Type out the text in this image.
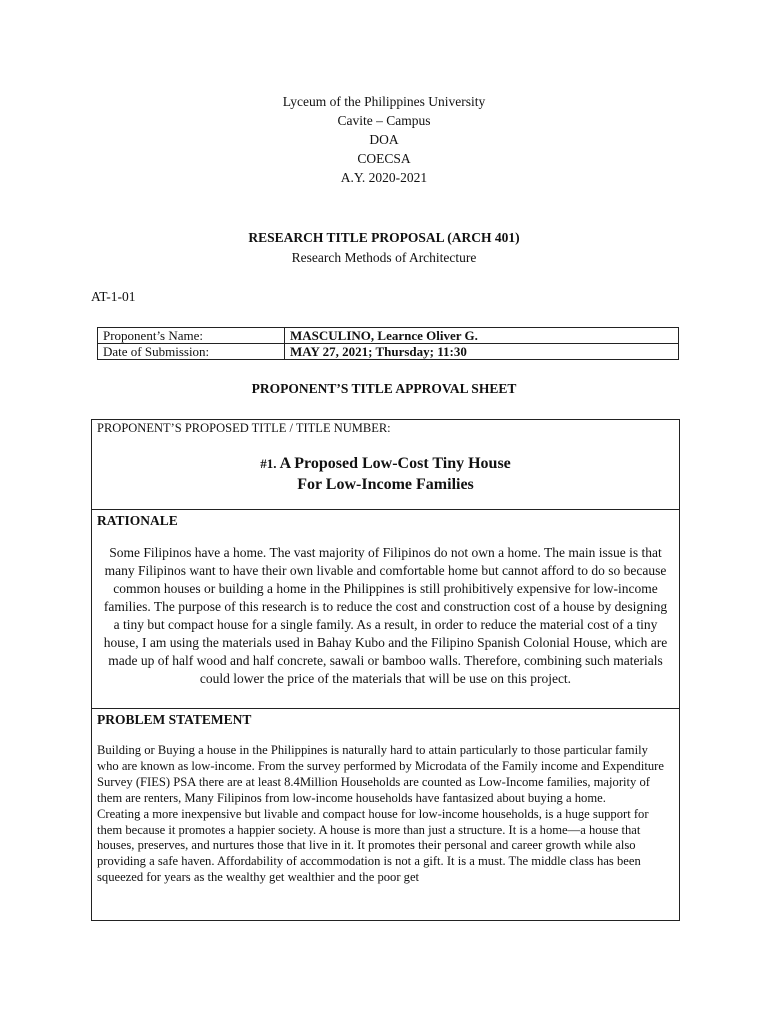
Lyceum of the Philippines University
Cavite – Campus
DOA
COECSA
A.Y. 2020-2021
RESEARCH TITLE PROPOSAL (ARCH 401)
Research Methods of Architecture
AT-1-01
Proponent’s Name:	MASCULINO, Learnce Oliver G.
Date of Submission:	MAY 27, 2021; Thursday; 11:30
PROPONENT’S TITLE APPROVAL SHEET
PROPONENT’S PROPOSED TITLE / TITLE NUMBER:
#1. A Proposed Low-Cost Tiny House
For Low-Income Families
RATIONALE
Some Filipinos have a home. The vast majority of Filipinos do not own a home. The main issue is that many Filipinos want to have their own livable and comfortable home but cannot afford to do so because common houses or building a home in the Philippines is still prohibitively expensive for low-income families. The purpose of this research is to reduce the cost and construction cost of a house by designing a tiny but compact house for a single family. As a result, in order to reduce the material cost of a tiny house, I am using the materials used in Bahay Kubo and the Filipino Spanish Colonial House, which are made up of half wood and half concrete, sawali or bamboo walls. Therefore, combining such materials could lower the price of the materials that will be use on this project.
PROBLEM STATEMENT

Building or Buying a house in the Philippines is naturally hard to attain particularly to those particular family who are known as low-income. From the survey performed by Microdata of the Family income and Expenditure Survey (FIES) PSA there are at least 8.4Million Households are counted as Low-Income families, majority of them are renters, Many Filipinos from low-income households have fantasized about buying a home.

Creating a more inexpensive but livable and compact house for low-income households, is a huge support for them because it promotes a happier society. A house is more than just a structure. It is a home—a house that houses, preserves, and nurtures those that live in it. It promotes their personal and career growth while also providing a safe haven. Affordability of accommodation is not a gift. It is a must. The middle class has been squeezed for years as the wealthy get wealthier and the poor get
